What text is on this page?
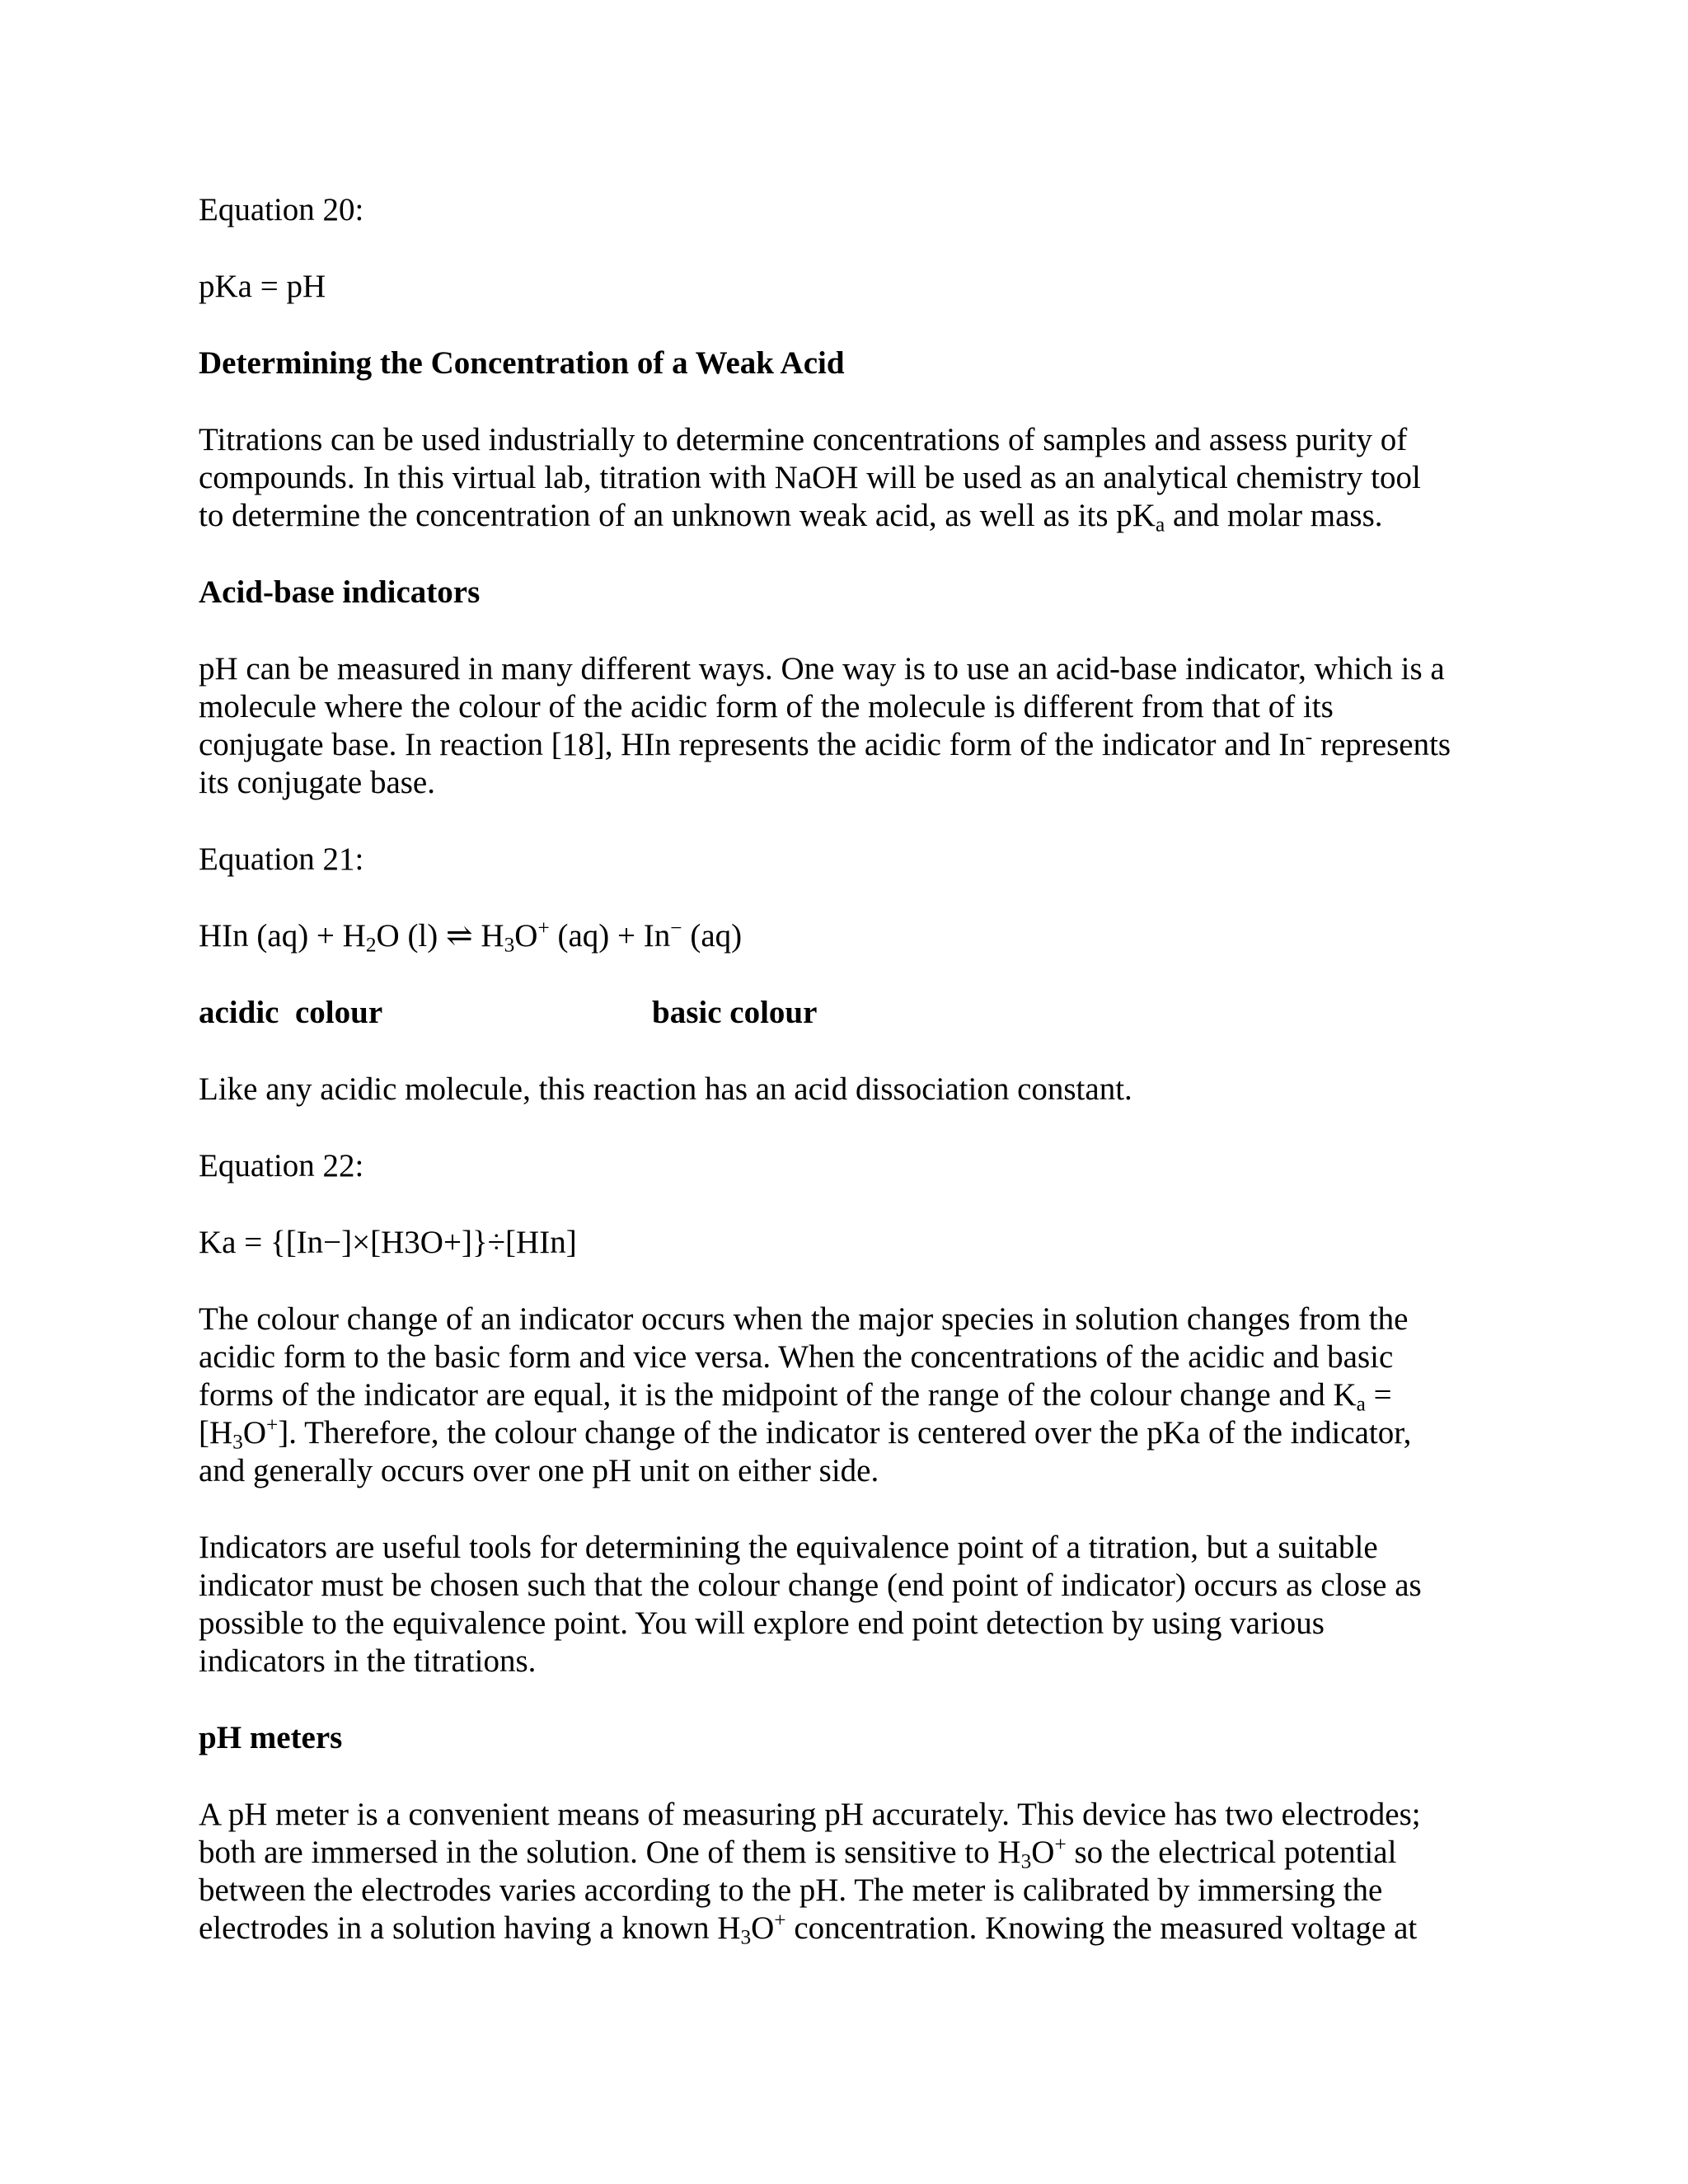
Equation 20:
pKa = pH
Determining the Concentration of a Weak Acid
Titrations can be used industrially to determine concentrations of samples and assess purity of
compounds. In this virtual lab, titration with NaOH will be used as an analytical chemistry tool
to determine the concentration of an unknown weak acid, as well as its $pK_a$ and molar mass.
Acid-base indicators
pH can be measured in many different ways. One way is to use an acid-base indicator, which is a
molecule where the colour of the acidic form of the molecule is different from that of its
conjugate base. In reaction [18], HIn represents the acidic form of the indicator and In- represents
its conjugate base.
Equation 21:
HIn $(aq) + H_2O$ (l) ⇌ $H_3O^+$ (aq) + In− (aq)
acidic  colour	basic colour
Like any acidic molecule, this reaction has an acid dissociation constant.
Equation 22:
Ka = {[In−]×[H3O+]}÷[HIn]
The colour change of an indicator occurs when the major species in solution changes from the
acidic form to the basic form and vice versa. When the concentrations of the acidic and basic
forms of the indicator are equal, it is the midpoint of the range of the colour change and $K_a$ =
$[H_3O^+]$. Therefore, the colour change of the indicator is centered over the pKa of the indicator,
and generally occurs over one pH unit on either side.
Indicators are useful tools for determining the equivalence point of a titration, but a suitable
indicator must be chosen such that the colour change (end point of indicator) occurs as close as
possible to the equivalence point. You will explore end point detection by using various
indicators in the titrations.
pH meters
A pH meter is a convenient means of measuring pH accurately. This device has two electrodes;
both are immersed in the solution. One of them is sensitive to $H_3O^+$ so the electrical potential
between the electrodes varies according to the pH. The meter is calibrated by immersing the
electrodes in a solution having a known $H_3O^+$ concentration. Knowing the measured voltage at
